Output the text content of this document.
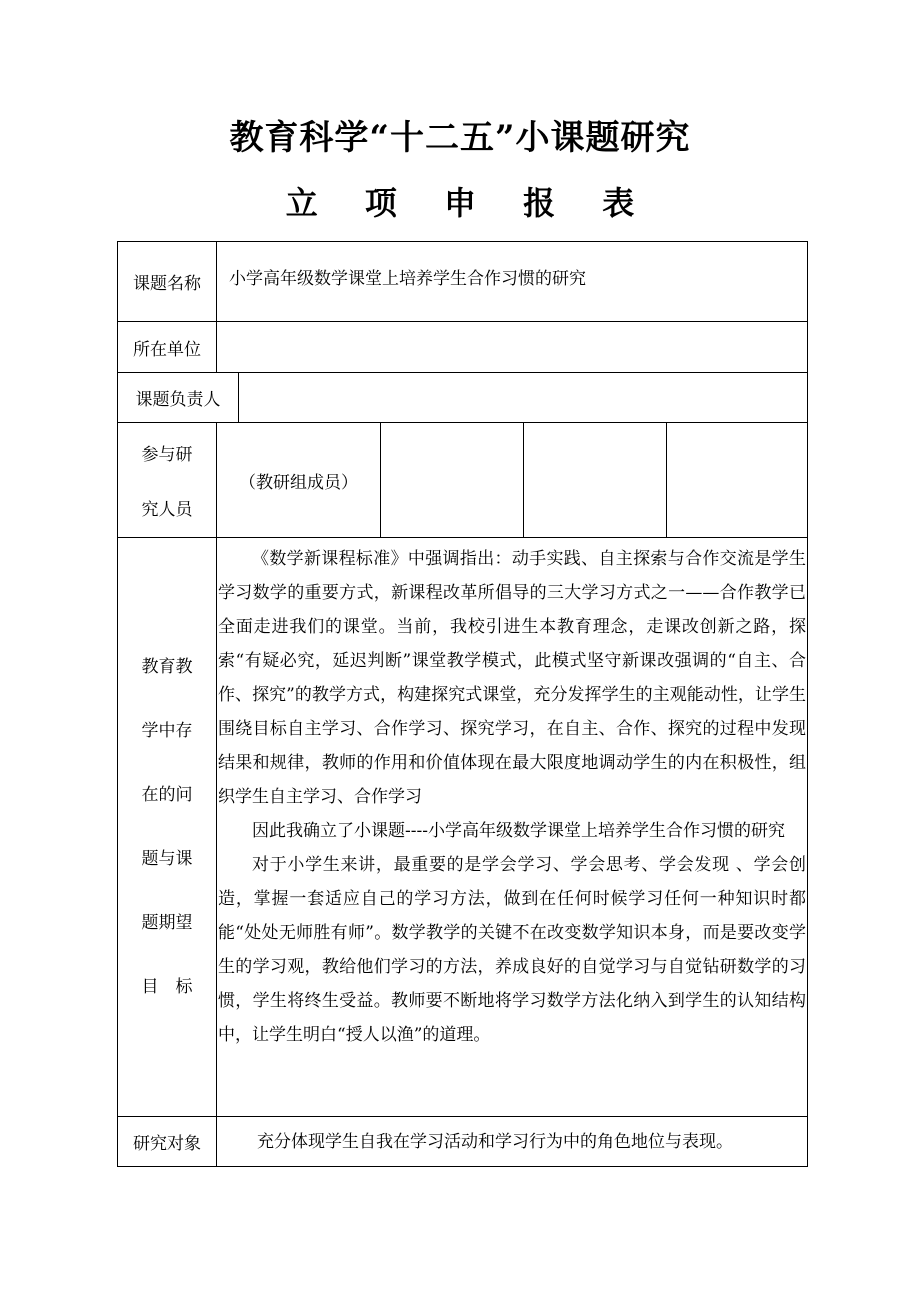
教育科学“十二五”小课题研究
立 项 申 报 表
课题名称	小学高年级数学课堂上培养学生合作习惯的研究
所在单位
课题负责人
参与研
究人员
（教研组成员）
教育教
学中存
在的问
题与课
题期望
目　标

《数学新课程标准》中强调指出：动手实践、自主探索与合作交流是学生学习数学的重要方式，新课程改革所倡导的三大学习方式之一——合作教学已全面走进我们的课堂。当前，我校引进生本教育理念，走课改创新之路，探索“有疑必究，延迟判断”课堂教学模式，此模式坚守新课改强调的“自主、合作、探究”的教学方式，构建探究式课堂，充分发挥学生的主观能动性，让学生围绕目标自主学习、合作学习、探究学习，在自主、合作、探究的过程中发现结果和规律，教师的作用和价值体现在最大限度地调动学生的内在积极性，组织学生自主学习、合作学习

因此我确立了小课题----小学高年级数学课堂上培养学生合作习惯的研究

对于小学生来讲，最重要的是学会学习、学会思考、学会发现 、学会创造，掌握一套适应自己的学习方法，做到在任何时候学习任何一种知识时都能“处处无师胜有师”。数学教学的关键不在改变数学知识本身，而是要改变学生的学习观，教给他们学习的方法，养成良好的自觉学习与自觉钻研数学的习惯，学生将终生受益。教师要不断地将学习数学方法化纳入到学生的认知结构中，让学生明白“授人以渔”的道理。

研究对象	充分体现学生自我在学习活动和学习行为中的角色地位与表现。
